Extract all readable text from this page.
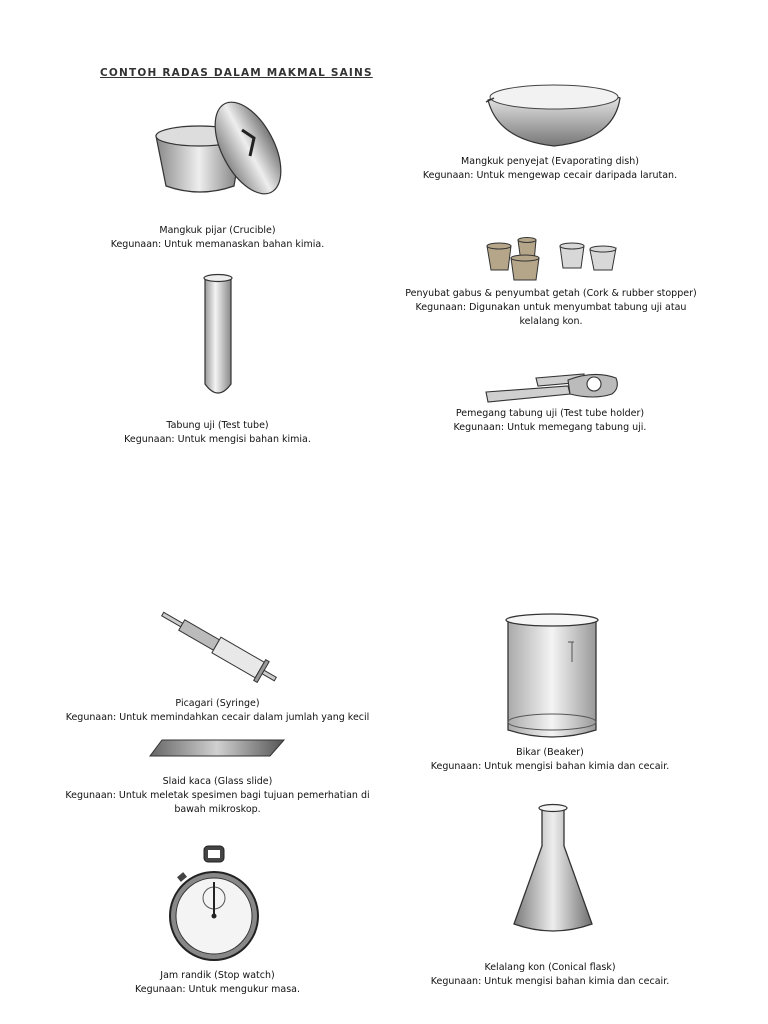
CONTOH RADAS DALAM MAKMAL SAINS
Mangkuk pijar (Crucible)
Kegunaan: Untuk memanaskan bahan kimia.
Tabung uji (Test tube)
Kegunaan: Untuk mengisi bahan kimia.
Mangkuk penyejat (Evaporating dish)
Kegunaan: Untuk mengewap cecair daripada larutan.
Penyubat gabus & penyumbat getah (Cork & rubber stopper)
Kegunaan: Digunakan untuk menyumbat tabung uji atau kelalang kon.
Pemegang tabung uji (Test tube holder)
Kegunaan: Untuk memegang tabung uji.
Picagari (Syringe)
Kegunaan: Untuk memindahkan cecair dalam jumlah yang kecil
Slaid kaca (Glass slide)
Kegunaan: Untuk meletak spesimen bagi tujuan pemerhatian di bawah mikroskop.
Jam randik (Stop watch)
Kegunaan: Untuk mengukur masa.
Bikar (Beaker)
Kegunaan: Untuk mengisi bahan kimia dan cecair.
Kelalang kon (Conical flask)
Kegunaan: Untuk mengisi bahan kimia dan cecair.
